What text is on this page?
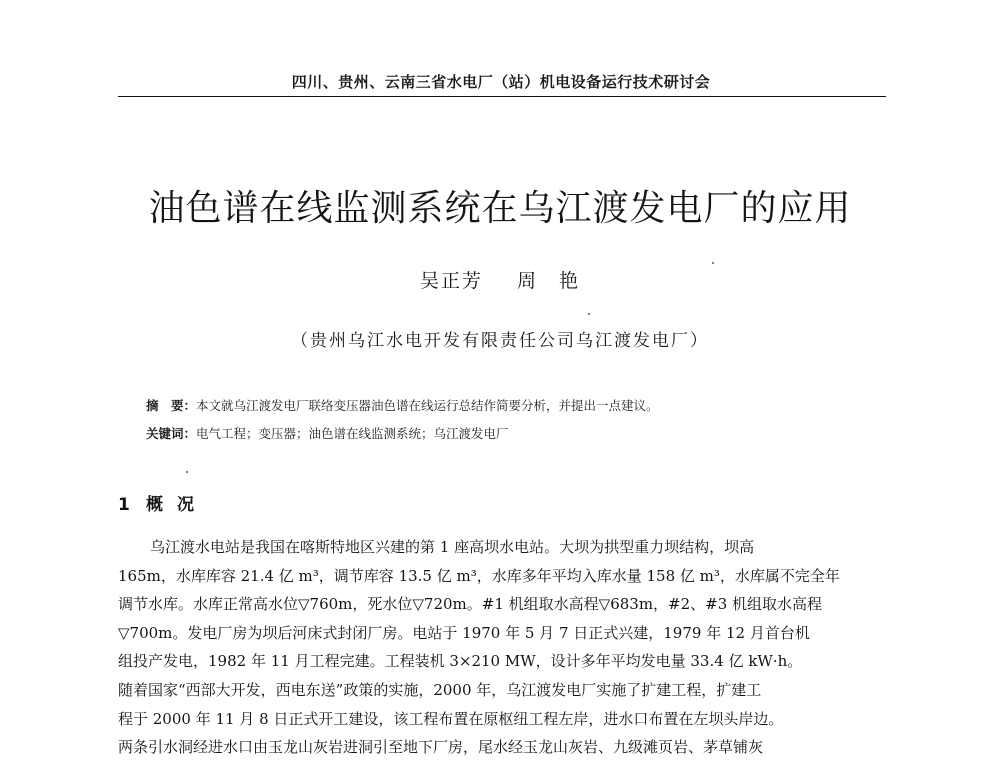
四川、贵州、云南三省水电厂（站）机电设备运行技术研讨会
油色谱在线监测系统在乌江渡发电厂的应用
吴正芳 周　艳
（贵州乌江水电开发有限责任公司乌江渡发电厂）
摘　要：本文就乌江渡发电厂联络变压器油色谱在线运行总结作简要分析，并提出一点建议。
关键词：电气工程；变压器；油色谱在线监测系统；乌江渡发电厂
1 概况
乌江渡水电站是我国在喀斯特地区兴建的第 1 座高坝水电站。大坝为拱型重力坝结构，坝高
165m，水库库容 21.4 亿 m³，调节库容 13.5 亿 m³，水库多年平均入库水量 158 亿 m³，水库属不完全年
调节水库。水库正常高水位▽760m，死水位▽720m。#1 机组取水高程▽683m，#2、#3 机组取水高程
▽700m。发电厂房为坝后河床式封闭厂房。电站于 1970 年 5 月 7 日正式兴建，1979 年 12 月首台机
组投产发电，1982 年 11 月工程完建。工程装机 3×210 MW，设计多年平均发电量 33.4 亿 kW·h。
随着国家“西部大开发，西电东送”政策的实施，2000 年，乌江渡发电厂实施了扩建工程，扩建工
程于 2000 年 11 月 8 日正式开工建设，该工程布置在原枢纽工程左岸，进水口布置在左坝头岸边。
两条引水洞经进水口由玉龙山灰岩进洞引至地下厂房，尾水经玉龙山灰岩、九级滩页岩、茅草铺灰
